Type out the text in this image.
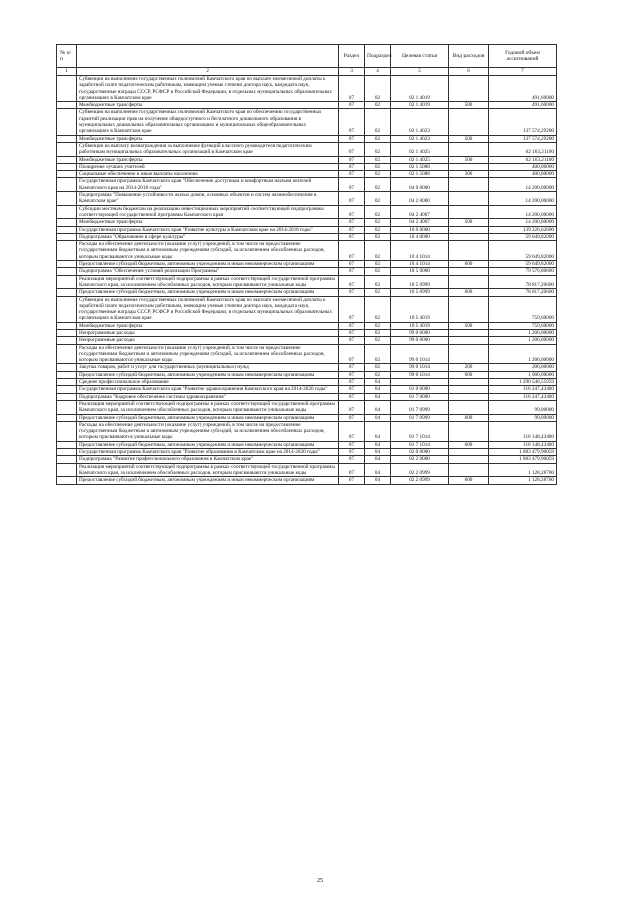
№ п/п		Раздел	Подраздел	Целевая статья	Вид расходов	Годовой объем ассигнований
1	2	3	4	5	6	7
	Субвенции на выполнение государственных полномочий Камчатского края по выплате ежемесячной доплаты к заработной плате педагогическим работникам, имеющим ученые степени доктора наук, кандидата наук, государственные награды СССР, РСФСР и Российской Федерации, в отдельных муниципальных образовательных организациях в Камчатском крае	07	02	02 1 4019		491,60000
	Межбюджетные трансферты	07	02	02 1 4019	500	491,60000
	Субвенции на выполнение государственных полномочий Камчатского края по обеспечению государственных гарантий реализации прав на получение общедоступного и бесплатного дошкольного образования в муниципальных дошкольных образовательных организациях и муниципальных общеобразовательных организациях в Камчатском крае	07	02	02 1 4023		137 574,29200
	Межбюджетные трансферты	07	02	02 1 4023	500	137 574,29200
	Субвенции на выплату вознаграждения за выполнение функций классного руководителя педагогическим работникам муниципальных образовательных организаций в Камчатском крае	07	02	02 1 4025		62 163,21100
	Межбюджетные трансферты	07	02	02 1 4025	500	62 163,21100
	Поощрение лучших учителей	07	02	02 1 5088		400,00000
	Социальные обеспечение и иные выплаты населению	07	02	02 1 5088	300	400,00000
	Государственная программа Камчатского края "Обеспечение доступным и комфортным жильем жителей Камчатского края на 2014-2018 годы"	07	02	04 0 0000		14 200,00000
	Подпрограмма "Повышение устойчивости жилых домов, основных объектов и систем жизнеобеспечения в Камчатском крае"	07	02	04 2 0000		14 200,00000
	Субсидии местным бюджетам на реализацию инвестиционных мероприятий соответствующей подпрограммы соответствующей государственной программы Камчатского края	07	02	04 2 4007		14 200,00000
	Межбюджетные трансферты	07	02	04 2 4007	500	14 200,00000
	Государственная программа Камчатского края "Развитие культуры в Камчатском крае на 2014-2018 годы"	07	02	10 0 0000		139 226,62600
	Подпрограмма "Образование в сфере культуры"	07	02	10 4 0000		59 649,82000
	Расходы на обеспечение деятельности (оказание услуг) учреждений, в том числе на предоставление государственным бюджетным и автономным учреждениям субсидий, за исключением обособленных расходов, которым присваиваются уникальные коды	07	02	10 4 1014		59 649,82000
	Предоставление субсидий бюджетным, автономным учреждениям и иным некоммерческим организациям	07	02	10 4 1014	600	59 649,82000
	Подпрограмма "Обеспечение условий реализации Программы"	07	02	10 5 0000		79 576,80600
	Реализация мероприятий соответствующей подпрограммы в рамках соответствующей государственной программы Камчатского края, за исключением обособленных расходов, которым присваиваются уникальные коды	07	02	10 5 0999		78 817,20600
	Предоставление субсидий бюджетным, автономным учреждениям и иным некоммерческим организациям	07	02	10 5 0999	600	78 817,20600
	Субвенции на выполнение государственных полномочий Камчатского края по выплате ежемесячной доплаты к заработной плате педагогическим работникам, имеющим ученые степени доктора наук, кандидата наук, государственные награды СССР, РСФСР и Российской Федерации, в отдельных муниципальных образовательных организациях в Камчатском крае	07	02	10 5 4019		759,60000
	Межбюджетные трансферты	07	02	10 5 4019	500	759,60000
	Непрограммные расходы	07	02	99 0 0000		1 206,00000
	Непрограммные расходы	07	02	99 0 0000		1 206,00000
	Расходы на обеспечение деятельности (оказание услуг) учреждений, в том числе на предоставление государственным бюджетным и автономным учреждениям субсидий, за исключением обособленных расходов, которым присваиваются уникальные коды	07	02	99 0 1014		1 206,00000
	Закупка товаров, работ и услуг для государственных (муниципальных) нужд	07	02	99 0 1014	200	206,00000
	Предоставление субсидий бюджетным, автономным учреждениям и иным некоммерческим организациям	07	02	99 0 1014	600	1 000,00000
	Среднее профессиональное образование	07	04			1 290 546,55959
	Государственная программа Камчатского края "Развитие здравоохранения Камчатского края на 2014-2020 годы"	07	04	01 0 0000		116 247,43400
	Подпрограмма "Кадровое обеспечение системы здравоохранения"	07	04	01 7 0000		116 247,43400
	Реализация мероприятий соответствующей подпрограммы в рамках соответствующей государственной программы Камчатского края, за исключением обособленных расходов, которым присваиваются уникальные коды	07	04	01 7 0999		99,00000
	Предоставление субсидий бюджетным, автономным учреждениям и иным некоммерческим организациям	07	04	01 7 0999	600	99,00000
	Расходы на обеспечение деятельности (оказание услуг) учреждений, в том числе на предоставление государственным бюджетным и автономным учреждениям субсидий, за исключением обособленных расходов, которым присваиваются уникальные коды	07	04	01 7 1014		116 148,43400
	Предоставление субсидий бюджетным, автономным учреждениям и иным некоммерческим организациям	07	04	01 7 1014	600	116 148,43400
	Государственная программа Камчатского края "Развитие образования в Камчатском крае на 2014-2020 годы"	07	04	02 0 0000		1 083 479,90059
	Подпрограмма "Развитие профессионального образования в Камчатском крае"	07	04	02 2 0000		1 083 479,90059
	Реализация мероприятий соответствующей подпрограммы в рамках соответствующей государственной программы Камчатского края, за исключением обособленных расходов, которым присваиваются уникальные коды	07	04	02 2 0999		1 128,28700
	Предоставление субсидий бюджетным, автономным учреждениям и иным некоммерческим организациям	07	04	02 2 0999	600	1 128,28700
25
